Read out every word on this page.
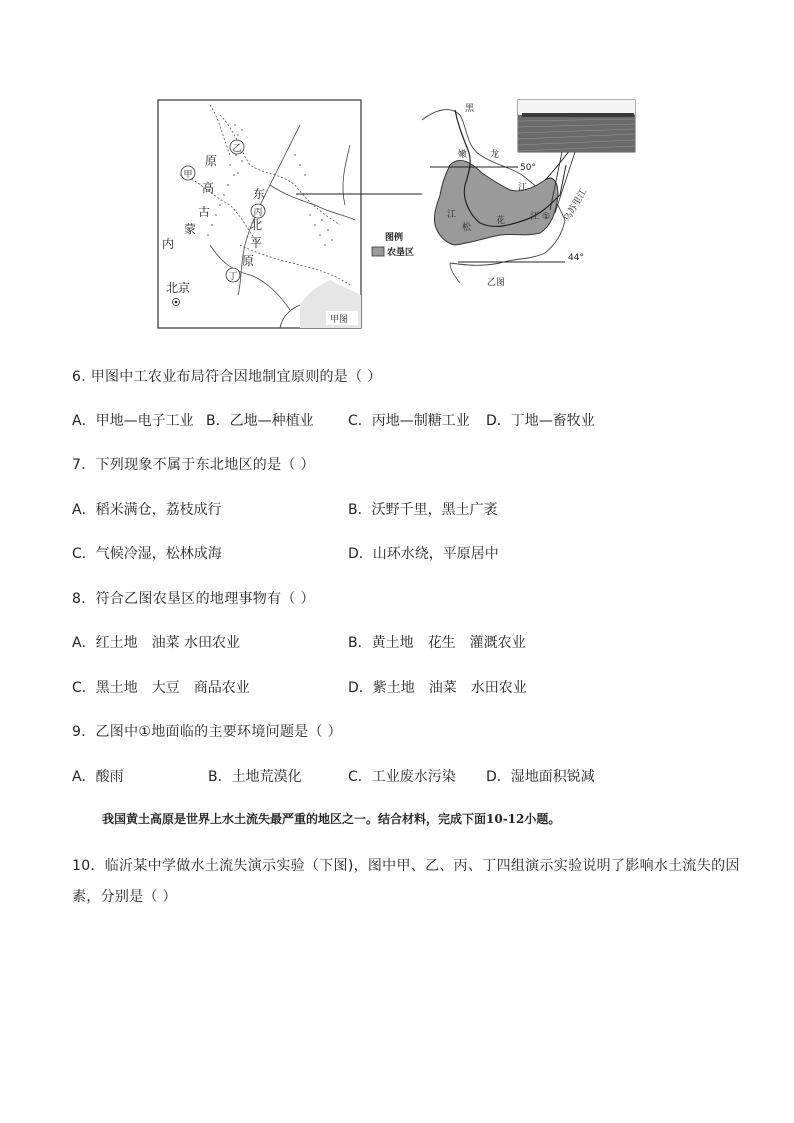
原
甲
高
古
蒙
内
乙
东
丙
北
平
原
丁
北京
甲图
黑
嫩	龙
50°
江
江
松
花	江 ① 乌苏里江
44°
图例
农垦区
乙图
6. 甲图中工农业布局符合因地制宜原则的是（ ）
A．甲地—电子工业 B．乙地—种植业 C．丙地—制糖工业 D．丁地—畜牧业
7．下列现象不属于东北地区的是（ ）
A．稻米满仓，荔枝成行	B．沃野千里，黑土广袤
C．气候冷湿，松林成海	D．山环水绕，平原居中
8．符合乙图农垦区的地理事物有（ ）
A．红土地　油菜 水田农业	B．黄土地　花生　灌溉农业
C．黑土地　大豆　商品农业	D．紫土地　油菜　水田农业
9．乙图中①地面临的主要环境问题是（ ）
A．酸雨	B．土地荒漠化	C．工业废水污染 D．湿地面积锐减
我国黄土高原是世界上水土流失最严重的地区之一。结合材料，完成下面10-12小题。
10．临沂某中学做水土流失演示实验（下图)，图中甲、乙、丙、丁四组演示实验说明了影响水土流失的因
素，分别是（ ）
